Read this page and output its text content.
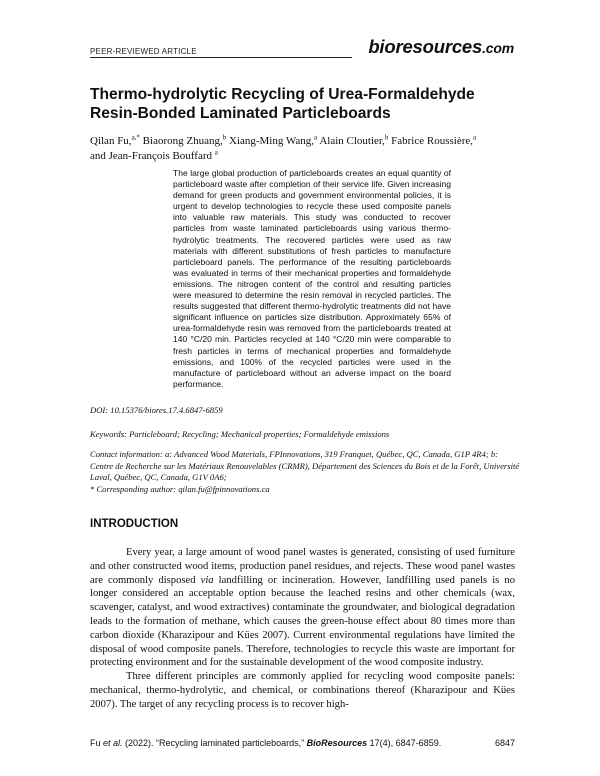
PEER-REVIEWED ARTICLE	bioresources.com
Thermo-hydrolytic Recycling of Urea-Formaldehyde
Resin-Bonded Laminated Particleboards
Qilan Fu,$^{a,*}$ Biaorong Zhuang,$^b$ Xiang-Ming Wang,$^a$ Alain Cloutier,$^b$ Fabrice Roussière,$^a$
and Jean-François Bouffard $^a$
The large global production of particleboards creates an equal quantity of particleboard waste after completion of their service life. Given increasing demand for green products and government environmental policies, it is urgent to develop technologies to recycle these used composite panels into valuable raw materials. This study was conducted to recover particles from waste laminated particleboards using various thermo-hydrolytic treatments. The recovered particles were used as raw materials with different substitutions of fresh particles to manufacture particleboard panels. The performance of the resulting particleboards was evaluated in terms of their mechanical properties and formaldehyde emissions. The nitrogen content of the control and resulting particles were measured to determine the resin removal in recycled particles. The results suggested that different thermo-hydrolytic treatments did not have significant influence on particles size distribution. Approximately 65% of urea-formaldehyde resin was removed from the particleboards treated at 140 °C/20 min. Particles recycled at 140 °C/20 min were comparable to fresh particles in terms of mechanical properties and formaldehyde emissions, and 100% of the recycled particles were used in the manufacture of particleboard without an adverse impact on the board performance.
DOI: 10.15376/biores.17.4.6847-6859
Keywords: Particleboard; Recycling; Mechanical properties; Formaldehyde emissions
Contact information: a: Advanced Wood Materials, FPInnovations, 319 Franquet, Québec, QC, Canada, G1P 4R4; b: Centre de Recherche sur les Matériaux Renouvelables (CRMR), Département des Sciences du Bois et de la Forêt, Université Laval, Québec, QC, Canada, G1V 0A6;
* Corresponding author: qilan.fu@fpinnovations.ca
INTRODUCTION

Every year, a large amount of wood panel wastes is generated, consisting of used furniture and other constructed wood items, production panel residues, and rejects. These wood panel wastes are commonly disposed via landfilling or incineration. However, landfilling used panels is no longer considered an acceptable option because the leached resins and other chemicals (wax, scavenger, catalyst, and wood extractives) contaminate the groundwater, and biological degradation leads to the formation of methane, which causes the green-house effect about 80 times more than carbon dioxide (Kharazipour and Kües 2007). Current environmental regulations have limited the disposal of wood composite panels. Therefore, technologies to recycle this waste are important for protecting environment and for the sustainable development of the wood composite industry.

Three different principles are commonly applied for recycling wood composite panels: mechanical, thermo-hydrolytic, and chemical, or combinations thereof (Kharazipour and Kües 2007). The target of any recycling process is to recover high-

Fu et al. (2022). “Recycling laminated particleboards,” BioResources 17(4), 6847-6859.	6847
